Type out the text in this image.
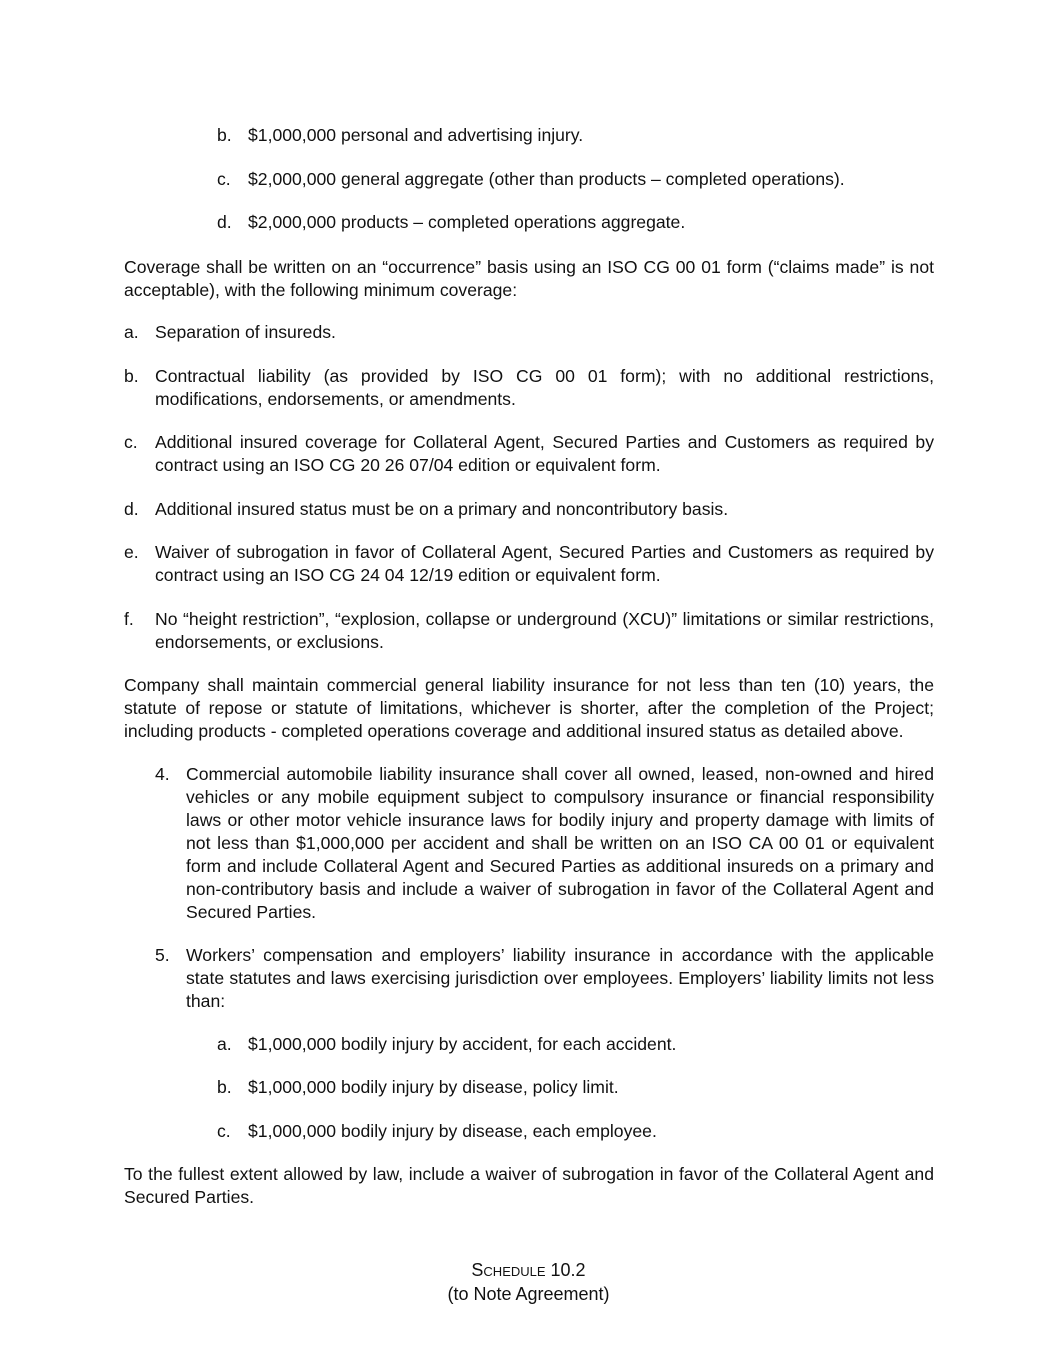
b. $1,000,000 personal and advertising injury.
c. $2,000,000 general aggregate (other than products – completed operations).
d. $2,000,000 products – completed operations aggregate.
Coverage shall be written on an “occurrence” basis using an ISO CG 00 01 form (“claims made” is not acceptable), with the following minimum coverage:
a. Separation of insureds.
b. Contractual liability (as provided by ISO CG 00 01 form); with no additional restrictions, modifications, endorsements, or amendments.
c. Additional insured coverage for Collateral Agent, Secured Parties and Customers as required by contract using an ISO CG 20 26 07/04 edition or equivalent form.
d. Additional insured status must be on a primary and noncontributory basis.
e. Waiver of subrogation in favor of Collateral Agent, Secured Parties and Customers as required by contract using an ISO CG 24 04 12/19 edition or equivalent form.
f.	No “height restriction”, “explosion, collapse or underground (XCU)” limitations or similar restrictions, endorsements, or exclusions.
Company shall maintain commercial general liability insurance for not less than ten (10) years, the statute of repose or statute of limitations, whichever is shorter, after the completion of the Project; including products - completed operations coverage and additional insured status as detailed above.
4. Commercial automobile liability insurance shall cover all owned, leased, non-owned and hired vehicles or any mobile equipment subject to compulsory insurance or financial responsibility laws or other motor vehicle insurance laws for bodily injury and property damage with limits of not less than $1,000,000 per accident and shall be written on an ISO CA 00 01 or equivalent form and include Collateral Agent and Secured Parties as additional insureds on a primary and non-contributory basis and include a waiver of subrogation in favor of the Collateral Agent and Secured Parties.
5. Workers’ compensation and employers’ liability insurance in accordance with the applicable state statutes and laws exercising jurisdiction over employees. Employers’ liability limits not less than:
a. $1,000,000 bodily injury by accident, for each accident.
b. $1,000,000 bodily injury by disease, policy limit.
c. $1,000,000 bodily injury by disease, each employee.
To the fullest extent allowed by law, include a waiver of subrogation in favor of the Collateral Agent and Secured Parties.
Schedule 10.2
(to Note Agreement)
